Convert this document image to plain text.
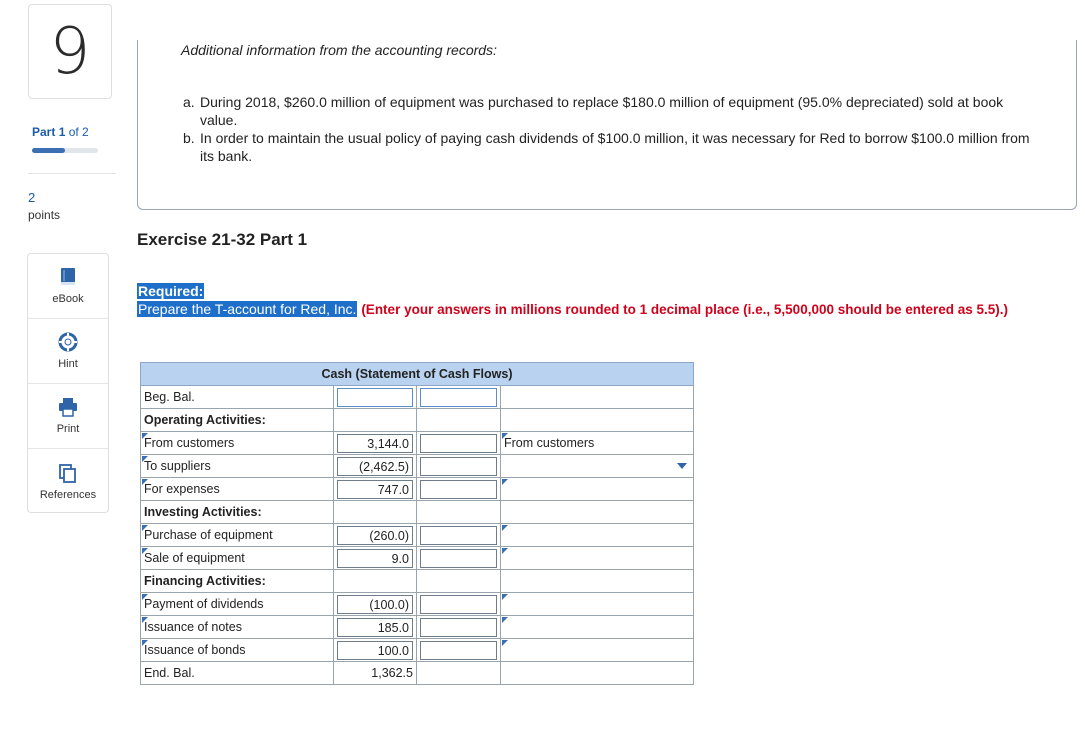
9
Part 1 of 2
2
points
eBook
Hint
Print
References
Additional information from the accounting records:
a. During 2018, $260.0 million of equipment was purchased to replace $180.0 million of equipment (95.0% depreciated) sold at book value.
b. In order to maintain the usual policy of paying cash dividends of $100.0 million, it was necessary for Red to borrow $100.0 million from its bank.
Exercise 21-32 Part 1
Required:
Prepare the T-account for Red, Inc. (Enter your answers in millions rounded to 1 decimal place (i.e., 5,500,000 should be entered as 5.5).)
Cash (Statement of Cash Flows)			
Beg. Bal.	

Operating Activities:			

From customers	3,144.0		From customers

To suppliers	(2,462.5)		

For expenses	747.0		

Investing Activities:			

Purchase of equipment	(260.0)		

Sale of equipment	9.0		

Financing Activities:			

Payment of dividends	(100.0)		

Issuance of notes	185.0		

Issuance of bonds	100.0		

End. Bal.	1,362.5		
